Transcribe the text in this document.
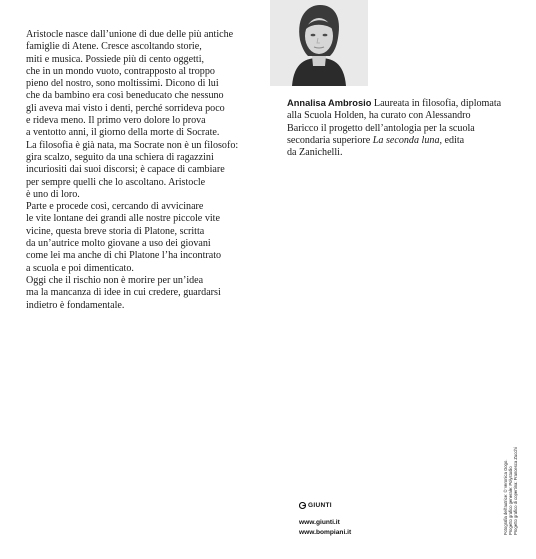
Aristocle nasce dall’unione di due delle più antiche
famiglie di Atene. Cresce ascoltando storie,
miti e musica. Possiede più di cento oggetti,
che in un mondo vuoto, contrapposto al troppo
pieno del nostro, sono moltissimi. Dicono di lui
che da bambino era così beneducato che nessuno
gli aveva mai visto i denti, perché sorrideva poco
e rideva meno. Il primo vero dolore lo prova
a ventotto anni, il giorno della morte di Socrate.
La filosofia è già nata, ma Socrate non è un filosofo:
gira scalzo, seguito da una schiera di ragazzini
incuriositi dai suoi discorsi; è capace di cambiare
per sempre quelli che lo ascoltano. Aristocle
è uno di loro.
Parte e procede così, cercando di avvicinare
le vite lontane dei grandi alle nostre piccole vite
vicine, questa breve storia di Platone, scritta
da un’autrice molto giovane a uso dei giovani
come lei ma anche di chi Platone l’ha incontrato
a scuola e poi dimenticato.
Oggi che il rischio non è morire per un’idea
ma la mancanza di idee in cui credere, guardarsi
indietro è fondamentale.
Annalisa Ambrosio Laureata in filosofia, diplomata
alla Scuola Holden, ha curato con Alessandro
Baricco il progetto dell’antologia per la scuola
secondaria superiore La seconda luna, edita
da Zanichelli.
GIUNTI
www.giunti.it
www.bompiani.it	Fotografia dell’autrice: © Veronica Gogo. Progetto grafico generale: Polystudio Progetto grafico di copertina: Francesca Zucchi
